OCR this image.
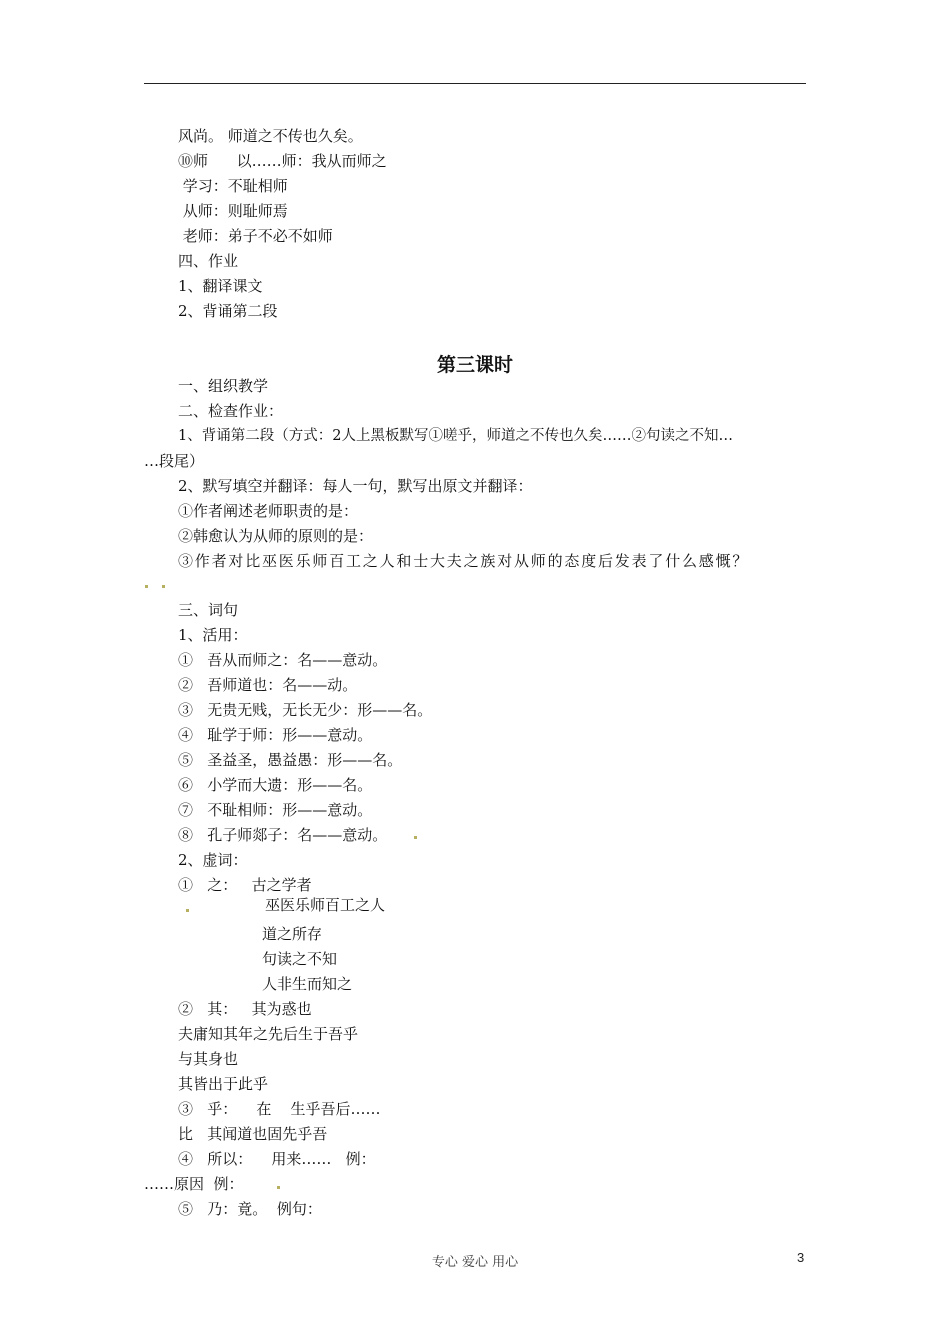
风尚。 师道之不传也久矣。
⑩师      以……师：我从而师之
学习：不耻相师
从师：则耻师焉
老师：弟子不必不如师
四、作业
1、翻译课文
2、背诵第二段
第三课时
一、组织教学
二、检查作业：
1、背诵第二段（方式：2人上黑板默写①嗟乎，师道之不传也久矣……②句读之不知…
…段尾）
2、默写填空并翻译：每人一句，默写出原文并翻译：
①作者阐述老师职责的是：
②韩愈认为从师的原则的是：
③作者对比巫医乐师百工之人和士大夫之族对从师的态度后发表了什么感慨？
三、词句
1、活用：
①   吾从而师之：名——意动。
②   吾师道也：名——动。
③   无贵无贱，无长无少：形——名。
④   耻学于师：形——意动。
⑤   圣益圣，愚益愚：形——名。
⑥   小学而大遗：形——名。
⑦   不耻相师：形——意动。
⑧   孔子师郯子：名——意动。
2、虚词：
①   之：   古之学者
巫医乐师百工之人
道之所存
句读之不知
人非生而知之
②   其：   其为惑也
夫庸知其年之先后生于吾乎
与其身也
其皆出于此乎
③   乎：    在    生乎吾后……
比   其闻道也固先乎吾
④   所以：    用来……   例：
……原因  例：
⑤   乃：竟。  例句：
专心 爱心 用心	3
